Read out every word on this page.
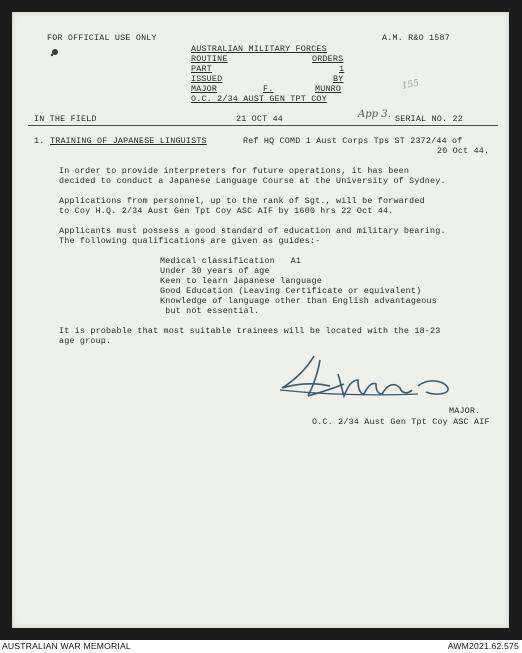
FOR OFFICIAL USE ONLY	A.M. R&O 1587
AUSTRALIAN MILITARY FORCES
ROUTINE	ORDERS
PART	1
ISSUED	BY
MAJOR	F.	MUNRO
O.C. 2/34 AUST GEN TPT COY
155
IN THE FIELD	21 OCT 44	App 3. SERIAL NO. 22
1. TRAINING OF JAPANESE LINGUISTS	Ref HQ COMD 1 Aust Corps Tps ST 2372/44 of
20 Oct 44.
In order to provide interpreters for future operations, it has been
decided to conduct a Japanese Language Course at the University of Sydney.
Applications from personnel, up to the rank of Sgt., will be forwarded
to Coy H.Q. 2/34 Aust Gen Tpt Coy ASC AIF by 1600 hrs 22 Oct 44.
Applicants must possess a good standard of education and military bearing.
The following qualifications are given as guides:-
Medical classification   A1
Under 30 years of age
Keen to learn Japanese language
Good Education (Leaving Certificate or equivalent)
Knowledge of language other than English advantageous
but not essential.
It is probable that most suitable trainees will be located with the 18-23
age group.
MAJOR.
O.C. 2/34 Aust Gen Tpt Coy ASC AIF
AUSTRALIAN WAR MEMORIAL	AWM2021.62.575
